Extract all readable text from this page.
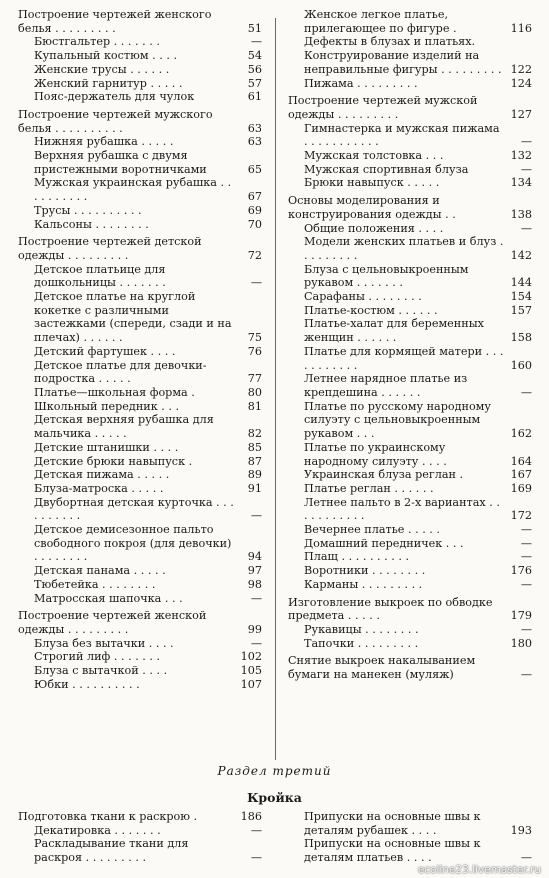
Построение чертежей женского белья . . . . . . . . .	51
Бюстгальтер . . . . . . .	—
Купальный костюм . . . .	54
Женские трусы . . . . . .	56
Женский гарнитур . . . . .	57
Пояс-держатель для чулок	61
Построение чертежей мужского белья . . . . . . . . . .	63
Нижняя рубашка . . . . .	63
Верхняя рубашка с двумя пристежными воротничками	65
Мужская украинская рубашка . . . . . . . . . .	67
Трусы . . . . . . . . . .	69
Кальсоны . . . . . . . .	70
Построение чертежей детской одежды . . . . . . . . .	72
Детское платьице для дошкольницы . . . . . . .	—
Детское платье на круглой кокетке с различными застежками (спереди, сзади и на плечах) . . . . . .	75
Детский фартушек . . . .	76
Детское платье для девочки-подростка . . . . .	77
Платье—школьная форма .	80
Школьный передник . . .	81
Детская верхняя рубашка для мальчика . . . . .	82
Детские штанишки . . . .	85
Детские брюки навыпуск .	87
Детская пижама . . . . .	89
Блуза-матроска . . . . .	91
Двубортная детская курточка . . . . . . . . . .	—
Детское демисезонное пальто свободного покроя (для девочки) . . . . . . . .	94
Детская панама . . . . .	97
Тюбетейка . . . . . . . .	98
Матросская шапочка . . .	—
Построение чертежей женской одежды . . . . . . . . .	99
Блуза без вытачки . . . .	—
Строгий лиф . . . . . . .	102
Блуза с вытачкой . . . .	105
Юбки . . . . . . . . . .	107
Женское легкое платье, прилегающее по фигуре .	116
Дефекты в блузах и платьях. Конструирование изделий на неправильные фигуры . . . . . . . . . 122
Пижама . . . . . . . . .	124
Построение чертежей мужской одежды . . . . . . . . .	127
Гимнастерка и мужская пижама . . . . . . . . . . .	—
Мужская толстовка . . .	132
Мужская спортивная блуза	—
Брюки навыпуск . . . . .	134
Основы моделирования и конструирования одежды . .	138
Общие положения . . . .	—
Модели женских платьев и блуз . . . . . . . . .	142
Блуза с цельновыкроенным рукавом . . . . . . .	144
Сарафаны . . . . . . . .	154
Платье-костюм . . . . . .	157
Платье-халат для беременных женщин . . . . . .	158
Платье для кормящей матери . . . . . . . . . . .	160
Летнее нарядное платье из крепдешина . . . . . .	—
Платье по русскому народному силуэту с цельновыкроенным рукавом . . .	162
Платье по украинскому народному силуэту . . . .	164
Украинская блуза реглан .	167
Платье реглан . . . . . .	169
Летнее пальто в 2-х вариантах . . . . . . . . . . .	172
Вечернее платье . . . . .	—
Домашний передничек . . .	—
Плащ . . . . . . . . . .	—
Воротники . . . . . . . .	176
Карманы . . . . . . . . .	—
Изготовление выкроек по обводке предмета . . . . .	179
Рукавицы . . . . . . . .	—
Тапочки . . . . . . . . .	180
Снятие выкроек накалыванием бумаги на манекен (муляж)	—
Раздел третий
Кройка
Подготовка ткани к раскрою .	186
Декатировка . . . . . . .	—
Раскладывание ткани для раскроя . . . . . . . . .	—
Припуски на основные швы к деталям рубашек . . . .	193
Припуски на основные швы к деталям платьев . . . .	—
ecoline23.livemaster.ru
